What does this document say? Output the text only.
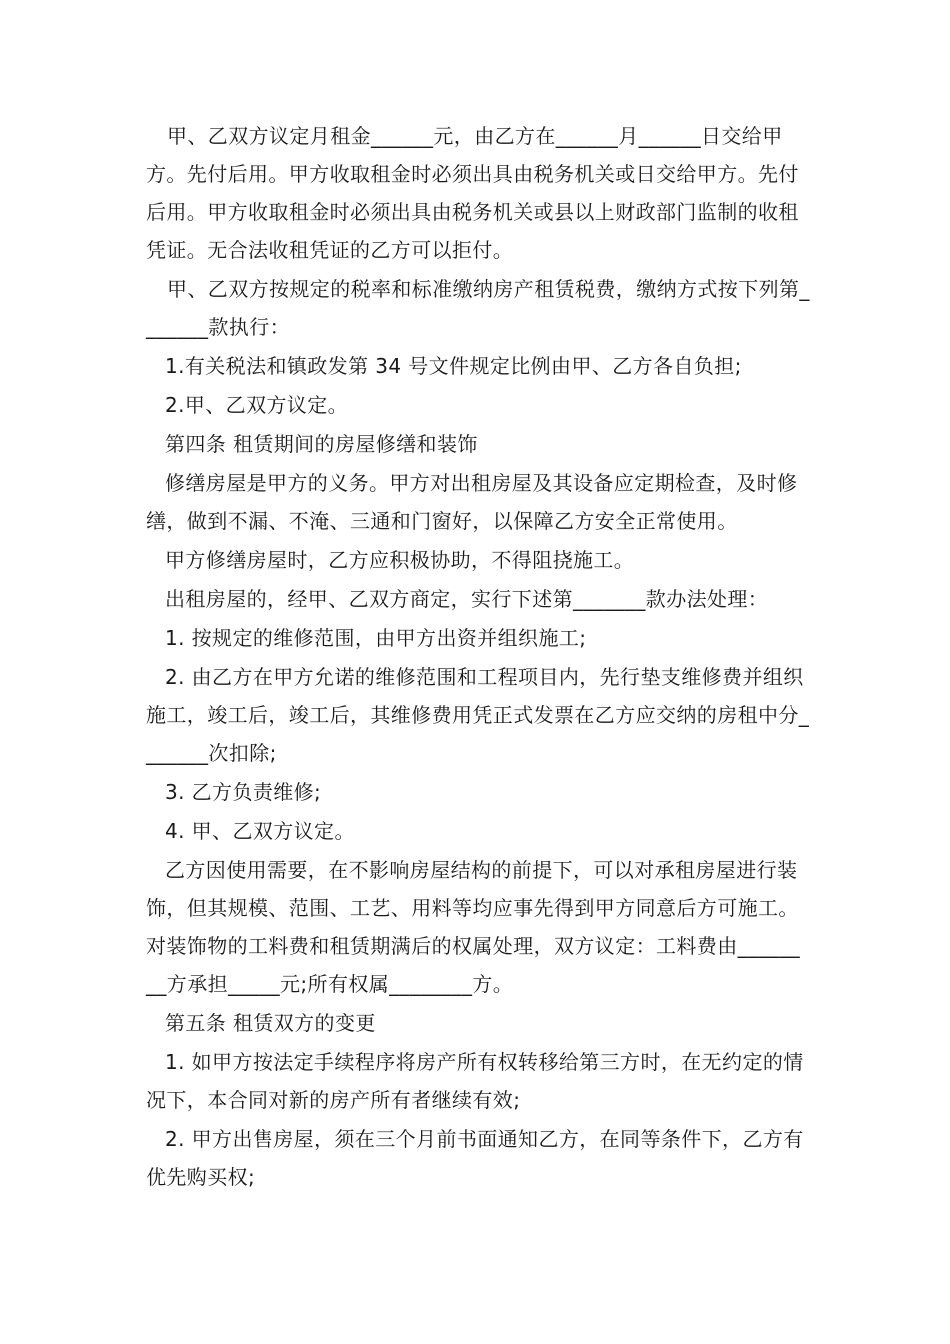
甲、乙双方议定月租金______元，由乙方在______月______日交给甲方。先付后用。甲方收取租金时必须出具由税务机关或日交给甲方。先付后用。甲方收取租金时必须出具由税务机关或县以上财政部门监制的收租凭证。无合法收租凭证的乙方可以拒付。

甲、乙双方按规定的税率和标准缴纳房产租赁税费，缴纳方式按下列第_______款执行：

1.有关税法和镇政发第 34 号文件规定比例由甲、乙方各自负担;

2.甲、乙双方议定。

第四条 租赁期间的房屋修缮和装饰

修缮房屋是甲方的义务。甲方对出租房屋及其设备应定期检查，及时修缮，做到不漏、不淹、三通和门窗好，以保障乙方安全正常使用。

甲方修缮房屋时，乙方应积极协助，不得阻挠施工。

出租房屋的，经甲、乙双方商定，实行下述第_______款办法处理：

1. 按规定的维修范围，由甲方出资并组织施工;

2. 由乙方在甲方允诺的维修范围和工程项目内，先行垫支维修费并组织施工，竣工后，竣工后，其维修费用凭正式发票在乙方应交纳的房租中分_______次扣除;

3. 乙方负责维修;

4. 甲、乙双方议定。

乙方因使用需要，在不影响房屋结构的前提下，可以对承租房屋进行装饰，但其规模、范围、工艺、用料等均应事先得到甲方同意后方可施工。对装饰物的工料费和租赁期满后的权属处理，双方议定：工料费由________方承担_____元;所有权属________方。

第五条 租赁双方的变更

1. 如甲方按法定手续程序将房产所有权转移给第三方时，在无约定的情况下，本合同对新的房产所有者继续有效;

2. 甲方出售房屋，须在三个月前书面通知乙方，在同等条件下，乙方有优先购买权;
